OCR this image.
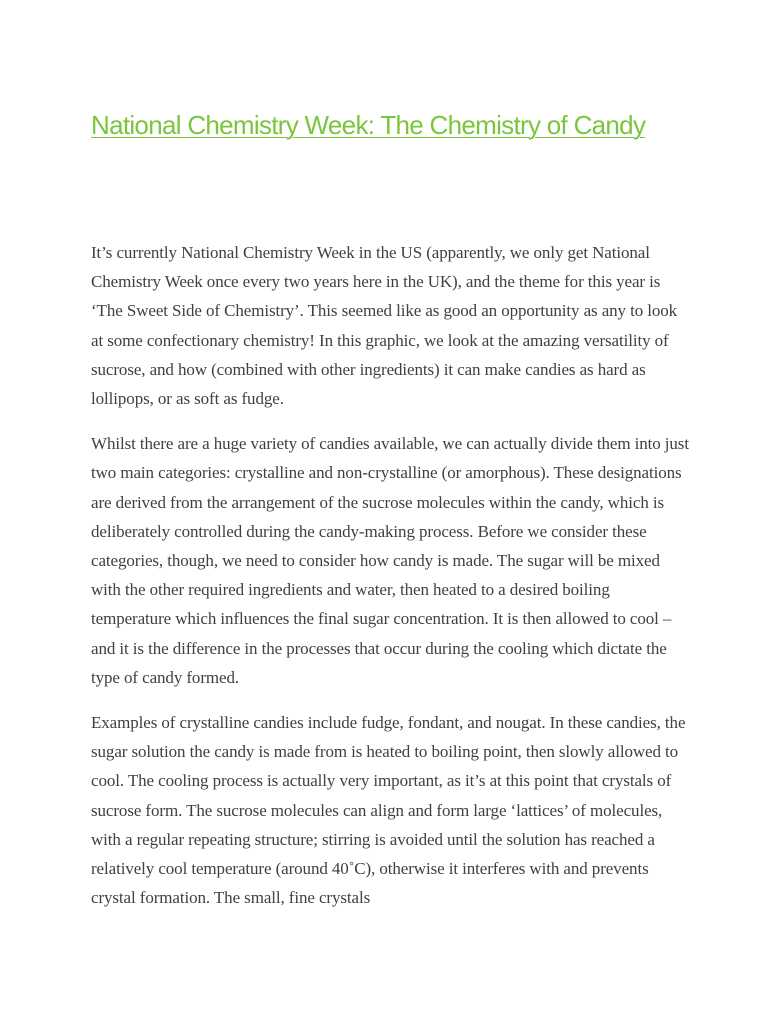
National Chemistry Week: The Chemistry of Candy

It’s currently National Chemistry Week in the US (apparently, we only get National Chemistry Week once every two years here in the UK), and the theme for this year is ‘The Sweet Side of Chemistry’. This seemed like as good an opportunity as any to look at some confectionary chemistry! In this graphic, we look at the amazing versatility of sucrose, and how (combined with other ingredients) it can make candies as hard as lollipops, or as soft as fudge.

Whilst there are a huge variety of candies available, we can actually divide them into just two main categories: crystalline and non-crystalline (or amorphous). These designations are derived from the arrangement of the sucrose molecules within the candy, which is deliberately controlled during the candy-making process. Before we consider these categories, though, we need to consider how candy is made. The sugar will be mixed with the other required ingredients and water, then heated to a desired boiling temperature which influences the final sugar concentration. It is then allowed to cool – and it is the difference in the processes that occur during the cooling which dictate the type of candy formed.

Examples of crystalline candies include fudge, fondant, and nougat. In these candies, the sugar solution the candy is made from is heated to boiling point, then slowly allowed to cool. The cooling process is actually very important, as it’s at this point that crystals of sucrose form. The sucrose molecules can align and form large ‘lattices’ of molecules, with a regular repeating structure; stirring is avoided until the solution has reached a relatively cool temperature (around 40˚C), otherwise it interferes with and prevents crystal formation. The small, fine crystals
